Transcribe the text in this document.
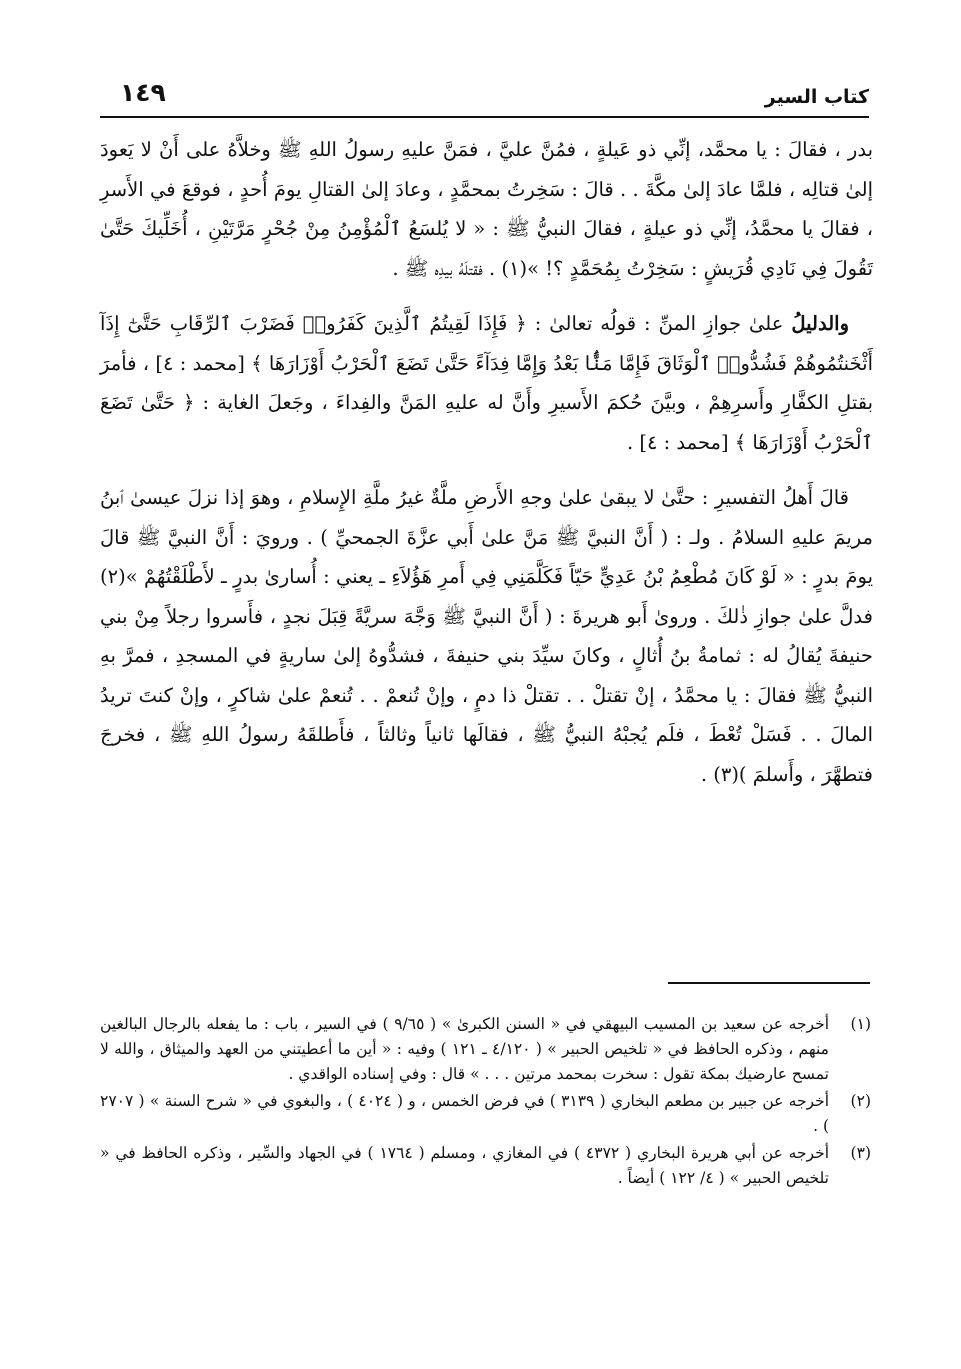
كتاب السير
١٤٩

بدر ، فقالَ : يا محمَّد، إنِّي ذو عَيلةٍ ، فمُنَّ عليَّ ، فمَنَّ عليهِ رسولُ اللهِ ﷺ وخلاَّهُ على أَنْ لا يَعودَ إلىٰ قتالِه ، فلمَّا عادَ إلىٰ مكَّةَ . . قالَ : سَخِرتُ بمحمَّدٍ ، وعادَ إلىٰ القتالِ يومَ أُحدٍ ، فوقعَ في الأَسرِ ، فقالَ يا محمَّدُ، إنِّي ذو عيلةٍ ، فقالَ النبيُّ ﷺ : « لا يُلسَعُ ٱلْمُؤْمِنُ مِنْ جُحْرٍ مَرَّتَيْنِ ، أُخَلِّيكَ حَتَّىٰ تَقُولَ فِي نَادِي قُرَيشٍ : سَخِرْتُ بِمُحَمَّدٍ ؟! »(١) . فقتلَهُ بيدِه ﷺ .

والدليلُ علىٰ جوازِ المنِّ : قولُه تعالىٰ : ﴿ فَإِذَا لَقِيتُمُ ٱلَّذِينَ كَفَرُوا۟ فَضَرْبَ ٱلرِّقَابِ حَتَّىٰٓ إِذَآ أَثْخَنتُمُوهُمْ فَشُدُّوا۟ ٱلْوَثَاقَ فَإِمَّا مَنًّۢا بَعْدُ وَإِمَّا فِدَآءً حَتَّىٰ تَضَعَ ٱلْحَرْبُ أَوْزَارَهَا ﴾ [محمد : ٤] ، فأمرَ بقتلِ الكفَّارِ وأَسرِهِمْ ، وبيَّنَ حُكمَ الأَسيرِ وأَنَّ له عليهِ المَنَّ والفِداءَ ، وجَعلَ الغاية : ﴿ حَتَّىٰ تَضَعَ ٱلْحَرْبُ أَوْزَارَهَا ﴾ [محمد : ٤] .

قالَ أَهلُ التفسيرِ : حتَّىٰ لا يبقىٰ علىٰ وجهِ الأَرضِ ملَّةٌ غيرُ ملَّةِ الإِسلامِ ، وهوَ إذا نزلَ عيسىٰ ٱبنُ مريمَ عليهِ السلامُ . ولـ : ( أَنَّ النبيَّ ﷺ مَنَّ علىٰ أَبي عزَّةَ الجمحيِّ ) . ورويَ : أَنَّ النبيَّ ﷺ قالَ يومَ بدرٍ : « لَوْ كَانَ مُطْعِمُ بْنُ عَدِيٍّ حَيّاً فَكَلَّمَنِي فِي أَمرِ هَؤُلاَءِ ـ يعني : أُسارىٰ بدرٍ ـ لأَطْلَقْتُهُمْ »(٢) فدلَّ علىٰ جوازِ ذٰلكَ . وروىٰ أَبو هريرةَ : ( أَنَّ النبيَّ ﷺ وَجَّهَ سريَّةً قِبَلَ نجدٍ ، فأَسروا رجلاً مِنْ بني حنيفةَ يُقالُ له : ثمامةُ بنُ أُثالٍ ، وكانَ سيِّدَ بني حنيفةَ ، فشدُّوهُ إلىٰ ساريةٍ في المسجدِ ، فمرَّ بهِ النبيُّ ﷺ فقالَ : يا محمَّدُ ، إنْ تقتلْ . . تقتلْ ذا دمٍ ، وإنْ تُنعمْ . . تُنعمْ علىٰ شاكرٍ ، وإنْ كنتَ تريدُ المالَ . . فَسَلْ تُعْطَ ، فلَم يُجبْهُ النبيُّ ﷺ ، فقالَها ثانياً وثالثاً ، فأَطلقَهُ رسولُ اللهِ ﷺ ، فخرجَ فتطهَّرَ ، وأَسلمَ )(٣) .

(١)
أخرجه عن سعيد بن المسيب البيهقي في « السنن الكبرىٰ » ( ٩/٦٥ ) في السير ، باب : ما يفعله بالرجال البالغين منهم ، وذكره الحافظ في « تلخيص الحبير » ( ٤/١٢٠ ـ ١٢١ ) وفيه : « أين ما أعطيتني من العهد والميثاق ، والله لا تمسح عارضيك بمكة تقول : سخرت بمحمد مرتين . . . » قال : وفي إسناده الواقدي .
(٢)
أخرجه عن جبير بن مطعم البخاري ( ٣١٣٩ ) في فرض الخمس ، و ( ٤٠٢٤ ) ، والبغوي في « شرح السنة » ( ٢٧٠٧ ) .
(٣)
أخرجه عن أبي هريرة البخاري ( ٤٣٧٢ ) في المغازي ، ومسلم ( ١٧٦٤ ) في الجهاد والسِّير ، وذكره الحافظ في « تلخيص الحبير » ( ٤/ ١٢٢ ) أيضاً .
